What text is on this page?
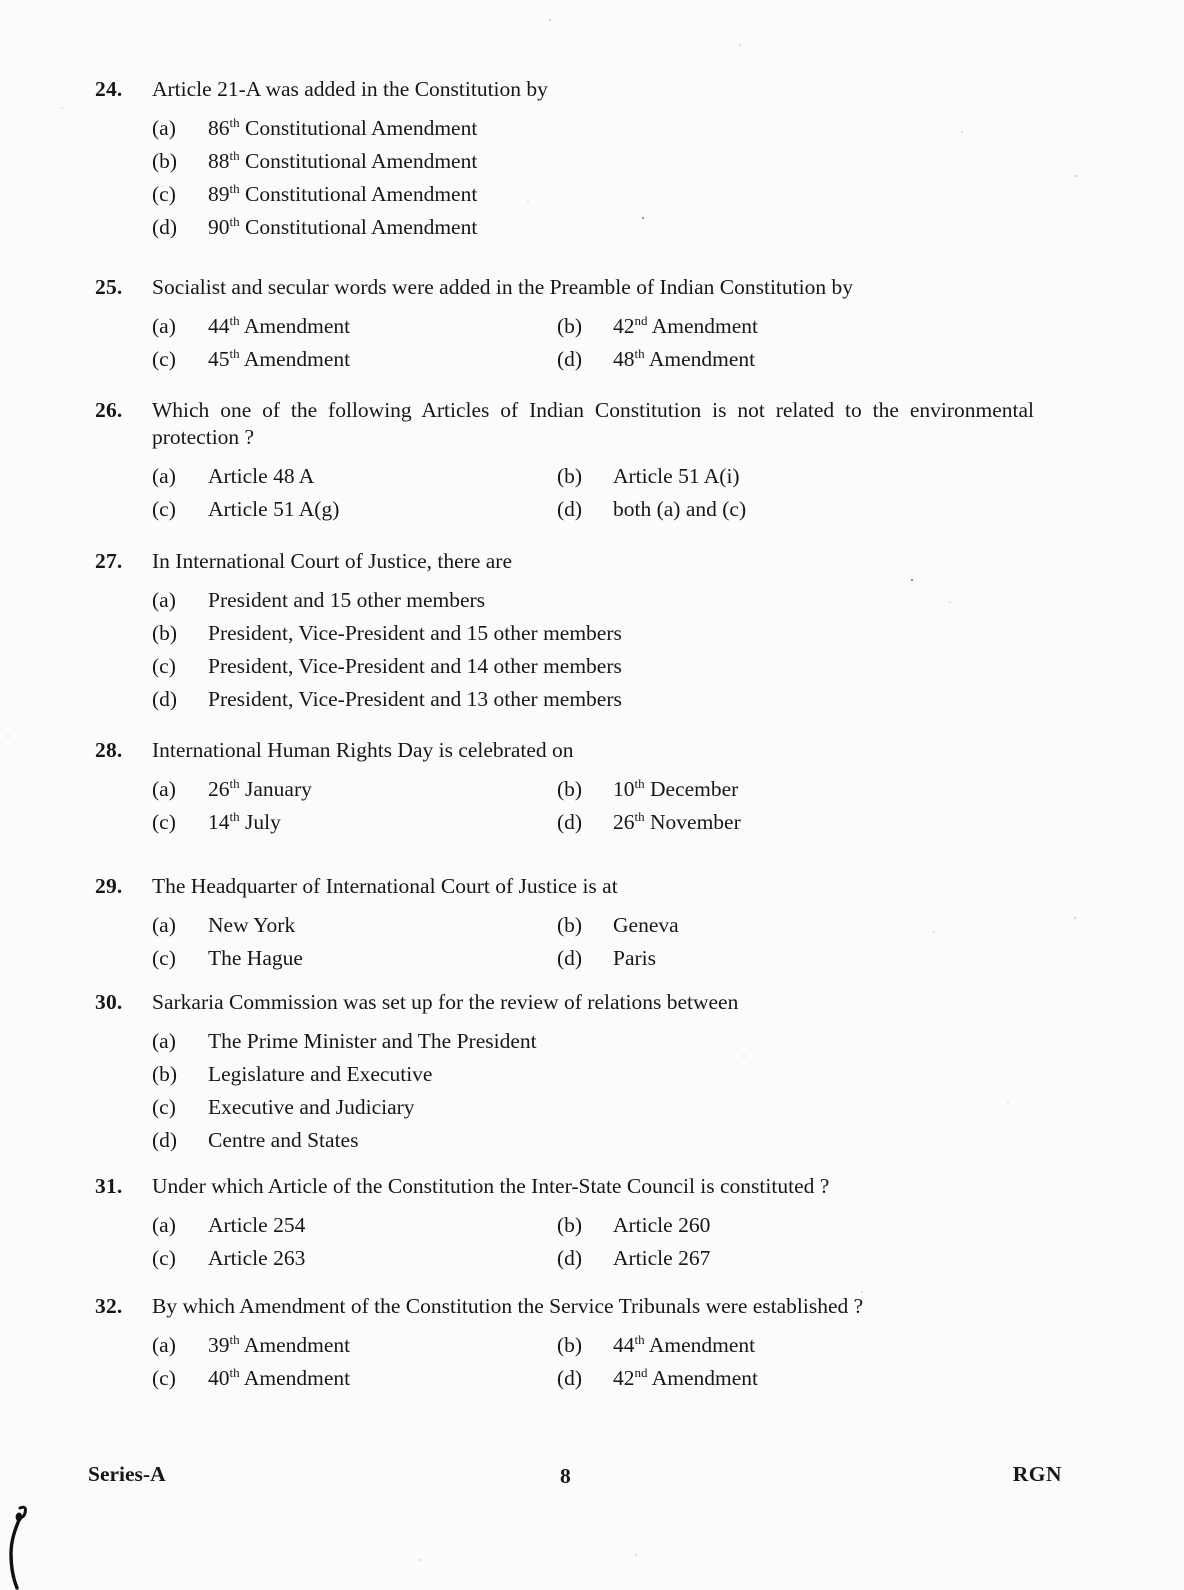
24.	Article 21-A was added in the Constitution by
(a)	86th Constitutional Amendment
(b)	88th Constitutional Amendment
(c)	89th Constitutional Amendment
(d)	90th Constitutional Amendment
25.	Socialist and secular words were added in the Preamble of Indian Constitution by
(a)	44th Amendment	(b)	42nd Amendment
(c)	45th Amendment	(d)	48th Amendment
26.	Which one of the following Articles of Indian Constitution is not related to the environmental protection ?
(a)	Article 48 A	(b)	Article 51 A(i)
(c)	Article 51 A(g)	(d)	both (a) and (c)
27.	In International Court of Justice, there are
(a)	President and 15 other members
(b)	President, Vice-President and 15 other members
(c)	President, Vice-President and 14 other members
(d)	President, Vice-President and 13 other members
28.	International Human Rights Day is celebrated on
(a)	26th January	(b)	10th December
(c)	14th July	(d)	26th November
29.	The Headquarter of International Court of Justice is at
(a)	New York	(b)	Geneva
(c)	The Hague	(d)	Paris
30.	Sarkaria Commission was set up for the review of relations between
(a)	The Prime Minister and The President
(b)	Legislature and Executive
(c)	Executive and Judiciary
(d)	Centre and States
31.	Under which Article of the Constitution the Inter-State Council is constituted ?
(a)	Article 254	(b)	Article 260
(c)	Article 263	(d)	Article 267
32.	By which Amendment of the Constitution the Service Tribunals were established ?
(a)	39th Amendment	(b)	44th Amendment
(c)	40th Amendment	(d)	42nd Amendment
Series-A	8	RGN
